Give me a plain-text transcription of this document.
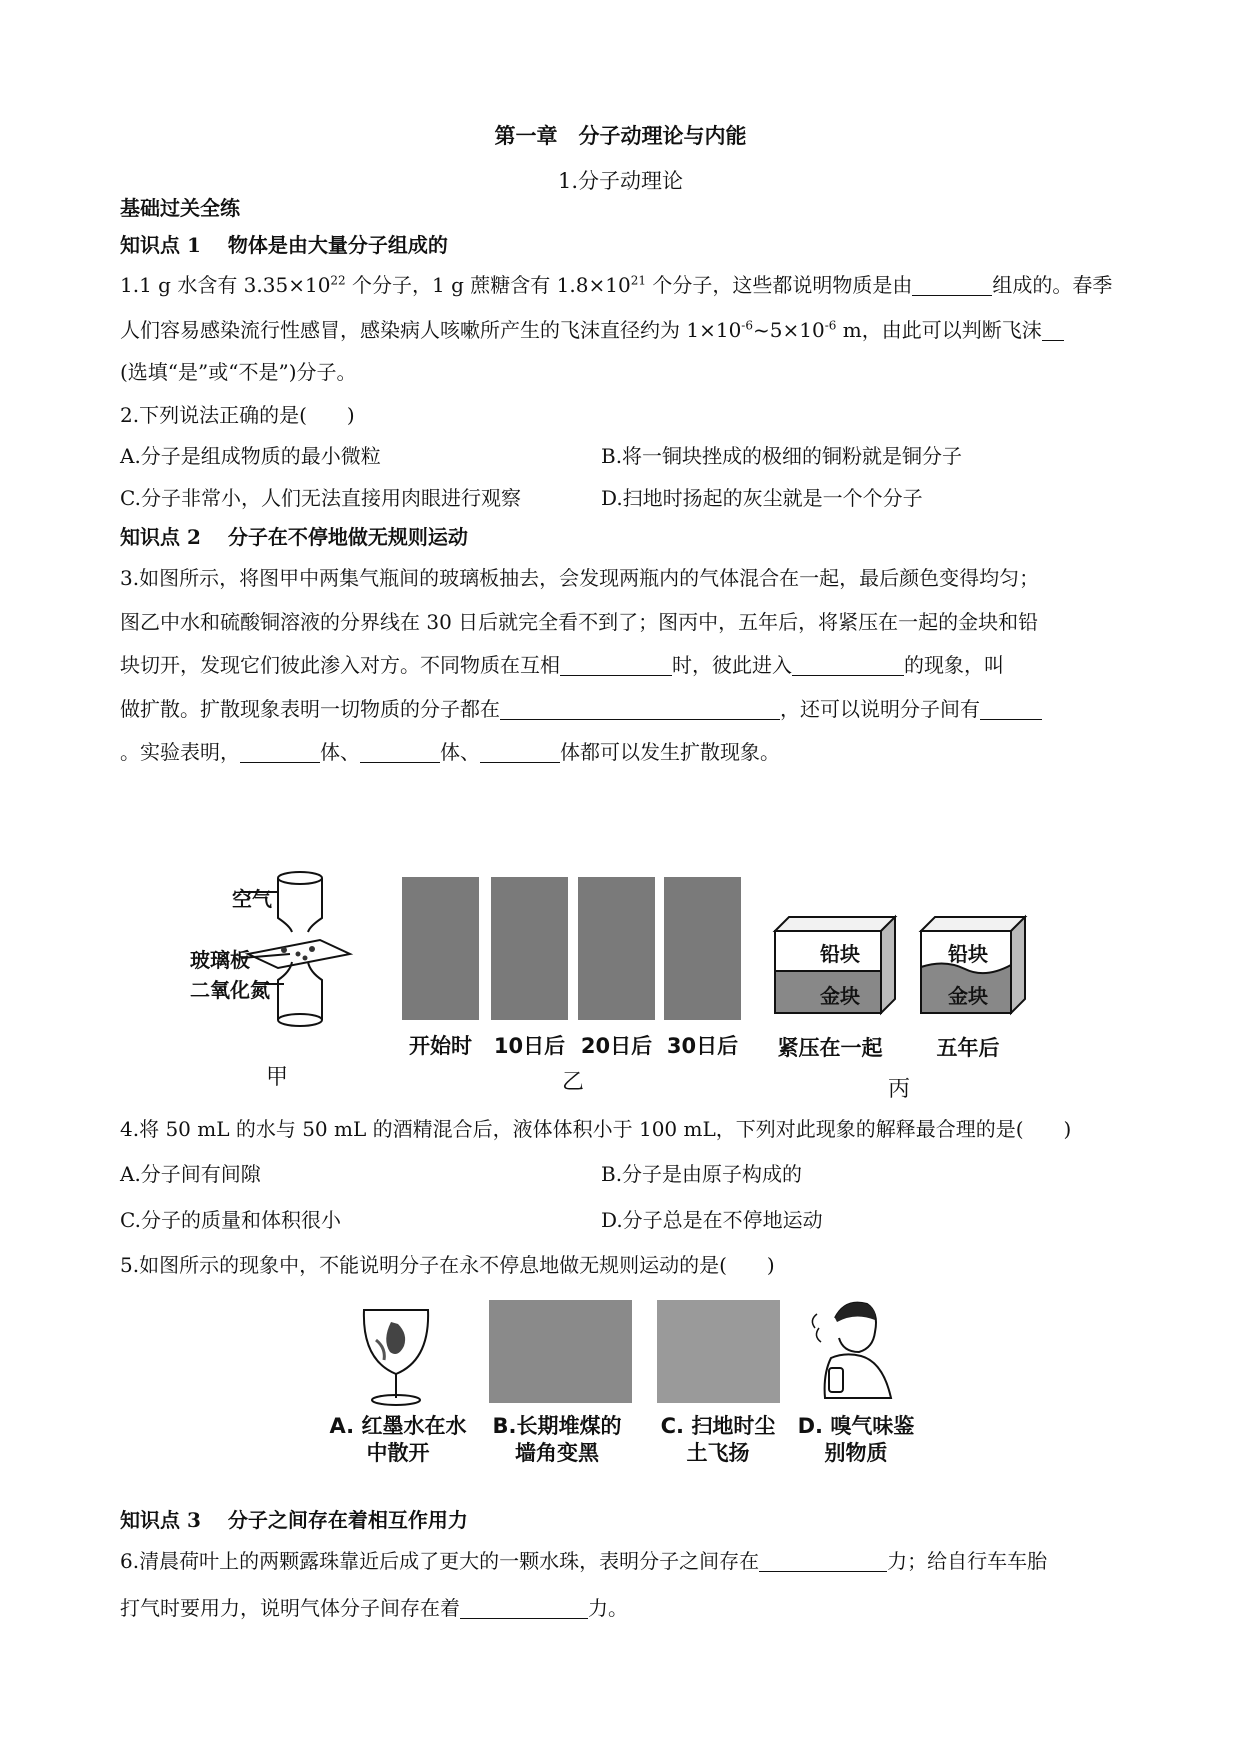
第一章　分子动理论与内能
1.分子动理论
基础过关全练
知识点 1　 物体是由大量分子组成的
1.1 g 水含有 $3.35\times 10^{22}$ 个分子，1 g 蔗糖含有 $1.8\times 10^{21}$ 个分子，这些都说明物质是由	组成的。春季
人们容易感染流行性感冒，感染病人咳嗽所产生的飞沫直径约为 $1\times 10^{-6}\sim 5\times 10^{-6}$ m，由此可以判断飞沫
(选填“是”或“不是”)分子。
2.下列说法正确的是(　　)
A.分子是组成物质的最小微粒	B.将一铜块挫成的极细的铜粉就是铜分子
C.分子非常小，人们无法直接用肉眼进行观察	D.扫地时扬起的灰尘就是一个个分子
知识点 2　 分子在不停地做无规则运动
3.如图所示，将图甲中两集气瓶间的玻璃板抽去，会发现两瓶内的气体混合在一起，最后颜色变得均匀；
图乙中水和硫酸铜溶液的分界线在 30 日后就完全看不到了；图丙中，五年后，将紧压在一起的金块和铅
块切开，发现它们彼此渗入对方。不同物质在互相	时，彼此进入	的现象，叫
做扩散。扩散现象表明一切物质的分子都在	，还可以说明分子间有
。实验表明，	体、	体、	体都可以发生扩散现象。
空气
玻璃板
二氧化氮
甲
开始时	10日后 20日后 30日后
乙
铅块
金块
铅块
金块
紧压在一起	五年后
丙
4.将 50 mL 的水与 50 mL 的酒精混合后，液体体积小于 100 mL，下列对此现象的解释最合理的是(　　)
A.分子间有间隙	B.分子是由原子构成的
C.分子的质量和体积很小	D.分子总是在不停地运动
5.如图所示的现象中，不能说明分子在永不停息地做无规则运动的是(　　)
A. 红墨水在水
中散开
B.长期堆煤的
墙角变黑
C. 扫地时尘
土飞扬
D. 嗅气味鉴
别物质
知识点 3　 分子之间存在着相互作用力
6.清晨荷叶上的两颗露珠靠近后成了更大的一颗水珠，表明分子之间存在	力；给自行车车胎
打气时要用力，说明气体分子间存在着	力。
